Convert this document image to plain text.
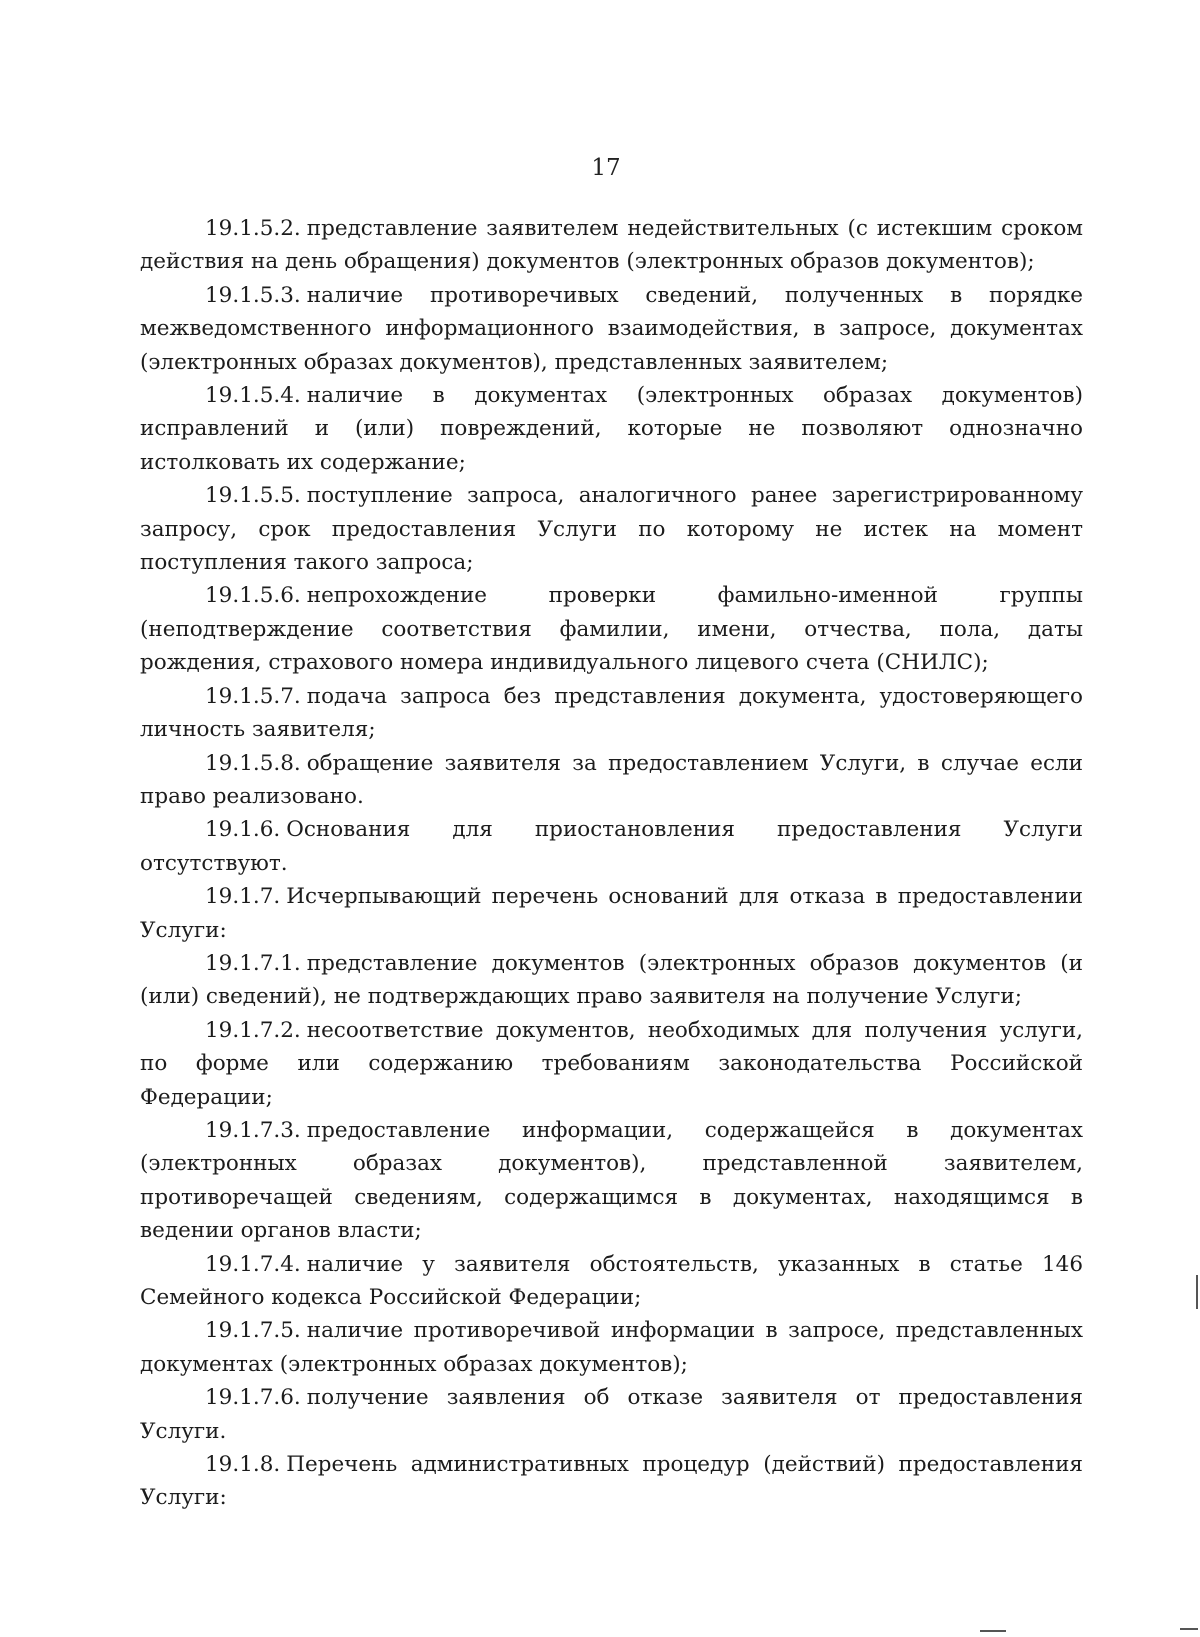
17

19.1.5.2. представление заявителем недействительных (с истекшим сроком действия на день обращения) документов (электронных образов документов);

19.1.5.3. наличие противоречивых сведений, полученных в порядке межведомственного информационного взаимодействия, в запросе, документах (электронных образах документов), представленных заявителем;

19.1.5.4. наличие в документах (электронных образах документов) исправлений и (или) повреждений, которые не позволяют однозначно истолковать их содержание;

19.1.5.5. поступление запроса, аналогичного ранее зарегистрированному запросу, срок предоставления Услуги по которому не истек на момент поступления такого запроса;

19.1.5.6. непрохождение проверки фамильно-именной группы (неподтверждение соответствия фамилии, имени, отчества, пола, даты рождения, страхового номера индивидуального лицевого счета (СНИЛС);

19.1.5.7. подача запроса без представления документа, удостоверяющего личность заявителя;

19.1.5.8. обращение заявителя за предоставлением Услуги, в случае если право реализовано.

19.1.6. Основания для приостановления предоставления Услуги отсутствуют.

19.1.7. Исчерпывающий перечень оснований для отказа в предоставлении Услуги:

19.1.7.1. представление документов (электронных образов документов (и (или) сведений), не подтверждающих право заявителя на получение Услуги;

19.1.7.2. несоответствие документов, необходимых для получения услуги, по форме или содержанию требованиям законодательства Российской Федерации;

19.1.7.3. предоставление информации, содержащейся в документах (электронных образах документов), представленной заявителем, противоречащей сведениям, содержащимся в документах, находящимся в ведении органов власти;

19.1.7.4. наличие у заявителя обстоятельств, указанных в статье 146 Семейного кодекса Российской Федерации;

19.1.7.5. наличие противоречивой информации в запросе, представленных документах (электронных образах документов);

19.1.7.6. получение заявления об отказе заявителя от предоставления Услуги.

19.1.8. Перечень административных процедур (действий) предоставления Услуги:
